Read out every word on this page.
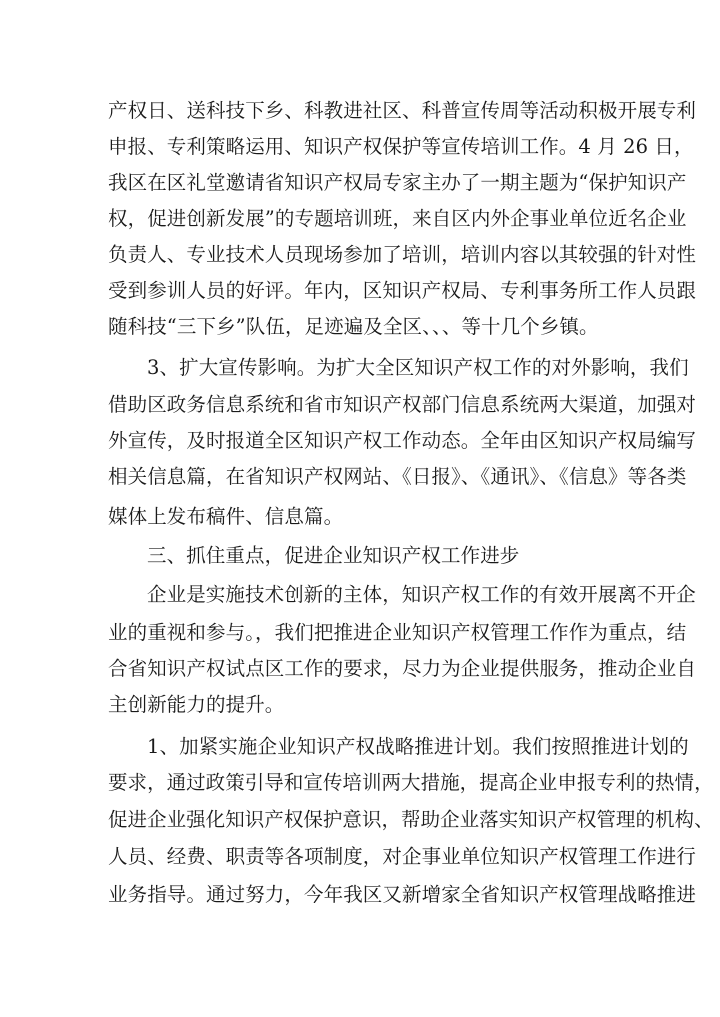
产权日、送科技下乡、科教进社区、科普宣传周等活动积极开展专利
申报、专利策略运用、知识产权保护等宣传培训工作。4 月 26 日，
我区在区礼堂邀请省知识产权局专家主办了一期主题为“保护知识产
权，促进创新发展”的专题培训班，来自区内外企事业单位近名企业
负责人、专业技术人员现场参加了培训，培训内容以其较强的针对性
受到参训人员的好评。年内，区知识产权局、专利事务所工作人员跟
随科技“三下乡”队伍，足迹遍及全区、、、等十几个乡镇。
3、扩大宣传影响。为扩大全区知识产权工作的对外影响，我们
借助区政务信息系统和省市知识产权部门信息系统两大渠道，加强对
外宣传，及时报道全区知识产权工作动态。全年由区知识产权局编写
相关信息篇，在省知识产权网站、《日报》、《通讯》、《信息》等各类
媒体上发布稿件、信息篇。
三、抓住重点，促进企业知识产权工作进步
企业是实施技术创新的主体，知识产权工作的有效开展离不开企
业的重视和参与。，我们把推进企业知识产权管理工作作为重点，结
合省知识产权试点区工作的要求，尽力为企业提供服务，推动企业自
主创新能力的提升。
1、加紧实施企业知识产权战略推进计划。我们按照推进计划的
要求，通过政策引导和宣传培训两大措施，提高企业申报专利的热情，
促进企业强化知识产权保护意识，帮助企业落实知识产权管理的机构、
人员、经费、职责等各项制度，对企事业单位知识产权管理工作进行
业务指导。通过努力，今年我区又新增家全省知识产权管理战略推进
